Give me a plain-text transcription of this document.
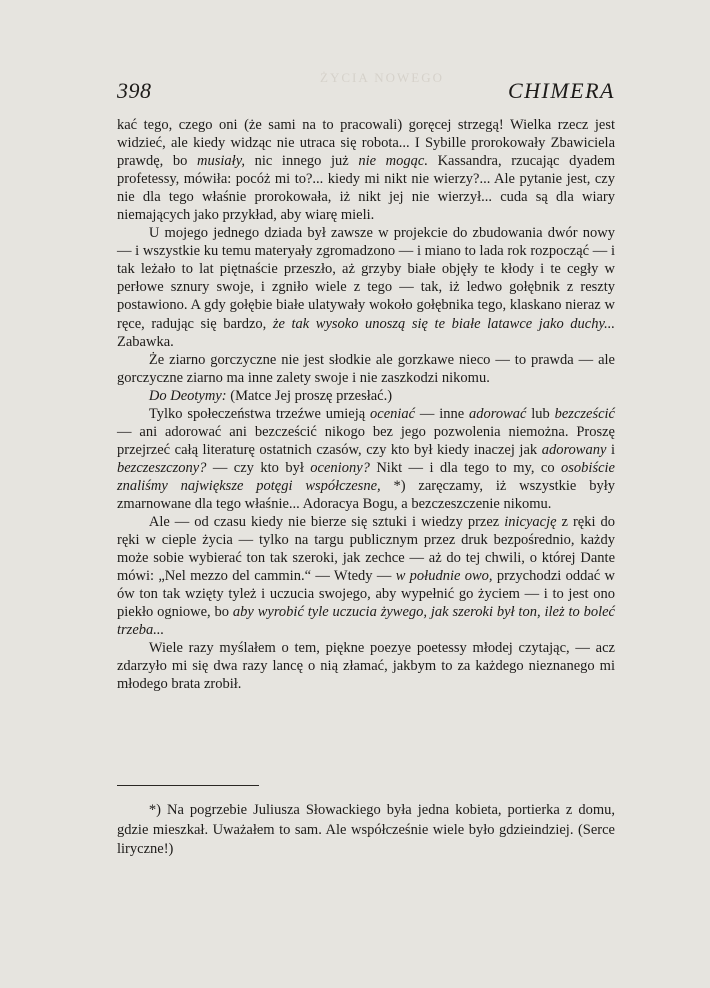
ŻYCIA NOWEGO
398	CHIMERA

kać tego, czego oni (że sami na to pracowali) goręcej strzegą! Wielka rzecz jest widzieć, ale kiedy widząc nie utraca się robota... I Sybille prorokowały Zbawiciela prawdę, bo musiały, nic innego już nie mogąc. Kassandra, rzucając dyadem profetessy, mówiła: pocóż mi to?... kiedy mi nikt nie wierzy?... Ale pytanie jest, czy nie dla tego właśnie prorokowała, iż nikt jej nie wierzył... cuda są dla wiary niemających jako przykład, aby wiarę mieli.

U mojego jednego dziada był zawsze w projekcie do zbudowania dwór nowy — i wszystkie ku temu materyały zgromadzono — i miano to lada rok rozpocząć — i tak leżało to lat piętnaście przeszło, aż grzyby białe objęły te kłody i te cegły w perłowe sznury swoje, i zgniło wiele z tego — tak, iż ledwo gołębnik z reszty postawiono. A gdy gołębie białe ulatywały wokoło gołębnika tego, klaskano nieraz w ręce, radując się bardzo, że tak wysoko unoszą się te białe latawce jako duchy... Zabawka.

Że ziarno gorczyczne nie jest słodkie ale gorzkawe nieco — to prawda — ale gorczyczne ziarno ma inne zalety swoje i nie zaszkodzi nikomu.

Do Deotymy: (Matce Jej proszę przesłać.)

Tylko społeczeństwa trzeźwe umieją oceniać — inne adorować lub bezcześcić — ani adorować ani bezcześcić nikogo bez jego pozwolenia niemożna. Proszę przejrzeć całą literaturę ostatnich czasów, czy kto był kiedy inaczej jak adorowany i bezczeszczony? — czy kto był oceniony? Nikt — i dla tego to my, co osobiście znaliśmy największe potęgi współczesne, *) zaręczamy, iż wszystkie były zmarnowane dla tego właśnie... Adoracya Bogu, a bezczeszczenie nikomu.

Ale — od czasu kiedy nie bierze się sztuki i wiedzy przez inicyację z ręki do ręki w cieple życia — tylko na targu publicznym przez druk bezpośrednio, każdy może sobie wybierać ton tak szeroki, jak zechce — aż do tej chwili, o której Dante mówi: „Nel mezzo del cammin.“ — Wtedy — w południe owo, przychodzi oddać w ów ton tak wzięty tyleż i uczucia swojego, aby wypełnić go życiem — i to jest ono piekło ogniowe, bo aby wyrobić tyle uczucia żywego, jak szeroki był ton, ileż to boleć trzeba...

Wiele razy myślałem o tem, piękne poezye poetessy młodej czytając, — acz zdarzyło mi się dwa razy lancę o nią złamać, jakbym to za każdego nieznanego mi młodego brata zrobił.

*) Na pogrzebie Juliusza Słowackiego była jedna kobieta, portierka z domu, gdzie mieszkał. Uważałem to sam. Ale współcześnie wiele było gdzieindziej. (Serce liryczne!)
